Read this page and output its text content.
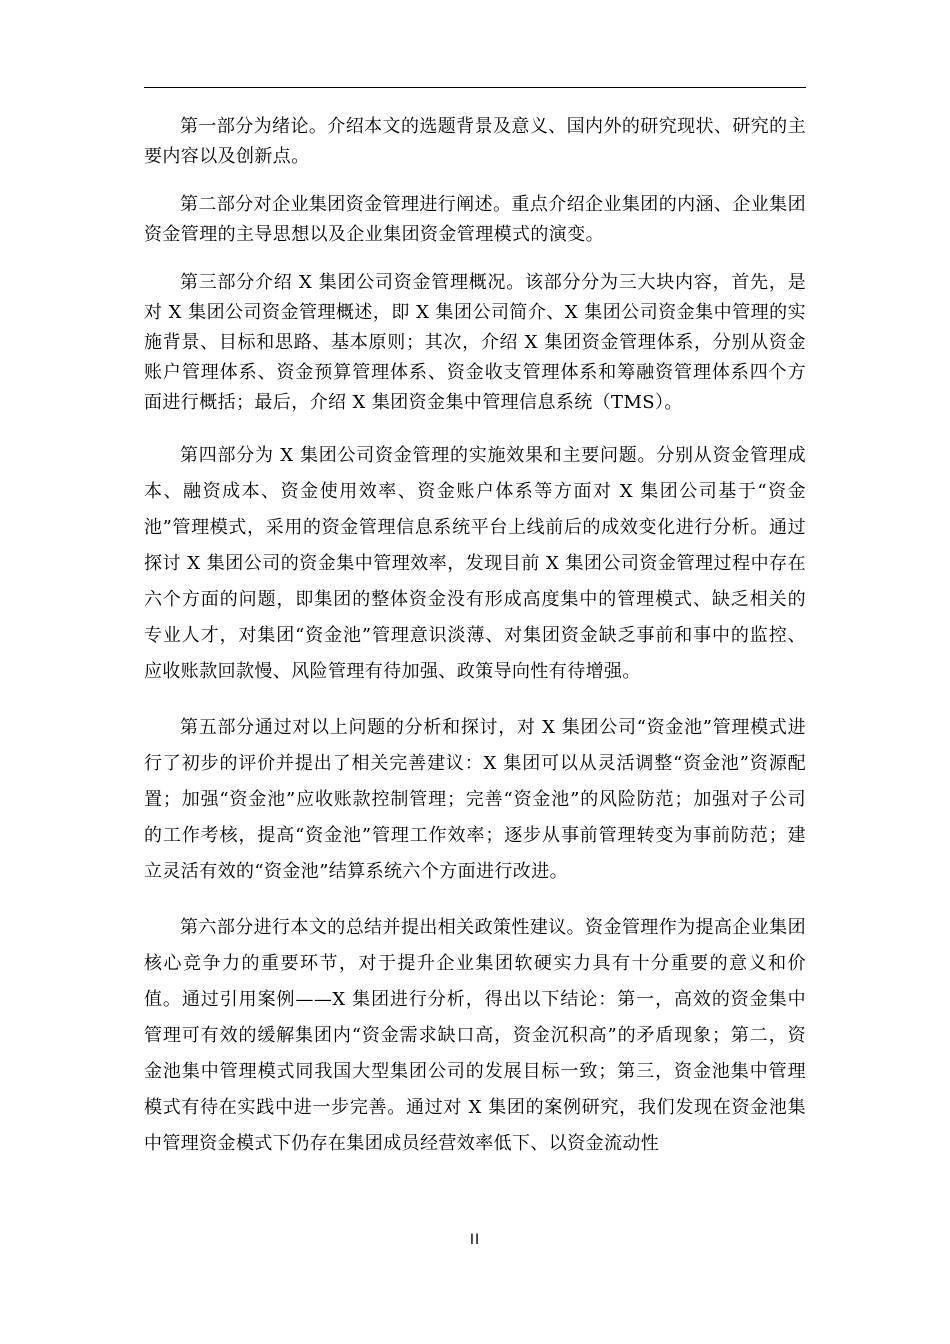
第一部分为绪论。介绍本文的选题背景及意义、国内外的研究现状、研究的主要内容以及创新点。

第二部分对企业集团资金管理进行阐述。重点介绍企业集团的内涵、企业集团资金管理的主导思想以及企业集团资金管理模式的演变。

第三部分介绍 X 集团公司资金管理概况。该部分分为三大块内容，首先，是对 X 集团公司资金管理概述，即 X 集团公司简介、X 集团公司资金集中管理的实施背景、目标和思路、基本原则；其次，介绍 X 集团资金管理体系，分别从资金账户管理体系、资金预算管理体系、资金收支管理体系和筹融资管理体系四个方面进行概括；最后，介绍 X 集团资金集中管理信息系统（TMS）。

第四部分为 X 集团公司资金管理的实施效果和主要问题。分别从资金管理成本、融资成本、资金使用效率、资金账户体系等方面对 X 集团公司基于“资金池”管理模式，采用的资金管理信息系统平台上线前后的成效变化进行分析。通过探讨 X 集团公司的资金集中管理效率，发现目前 X 集团公司资金管理过程中存在六个方面的问题，即集团的整体资金没有形成高度集中的管理模式、缺乏相关的专业人才，对集团“资金池”管理意识淡薄、对集团资金缺乏事前和事中的监控、应收账款回款慢、风险管理有待加强、政策导向性有待增强。

第五部分通过对以上问题的分析和探讨，对 X 集团公司“资金池”管理模式进行了初步的评价并提出了相关完善建议：X 集团可以从灵活调整“资金池”资源配置；加强“资金池”应收账款控制管理；完善“资金池”的风险防范；加强对子公司的工作考核，提高“资金池”管理工作效率；逐步从事前管理转变为事前防范；建立灵活有效的“资金池”结算系统六个方面进行改进。

第六部分进行本文的总结并提出相关政策性建议。资金管理作为提高企业集团核心竞争力的重要环节，对于提升企业集团软硬实力具有十分重要的意义和价值。通过引用案例——X 集团进行分析，得出以下结论：第一，高效的资金集中管理可有效的缓解集团内“资金需求缺口高，资金沉积高”的矛盾现象；第二，资金池集中管理模式同我国大型集团公司的发展目标一致；第三，资金池集中管理模式有待在实践中进一步完善。通过对 X 集团的案例研究，我们发现在资金池集中管理资金模式下仍存在集团成员经营效率低下、以资金流动性

II
